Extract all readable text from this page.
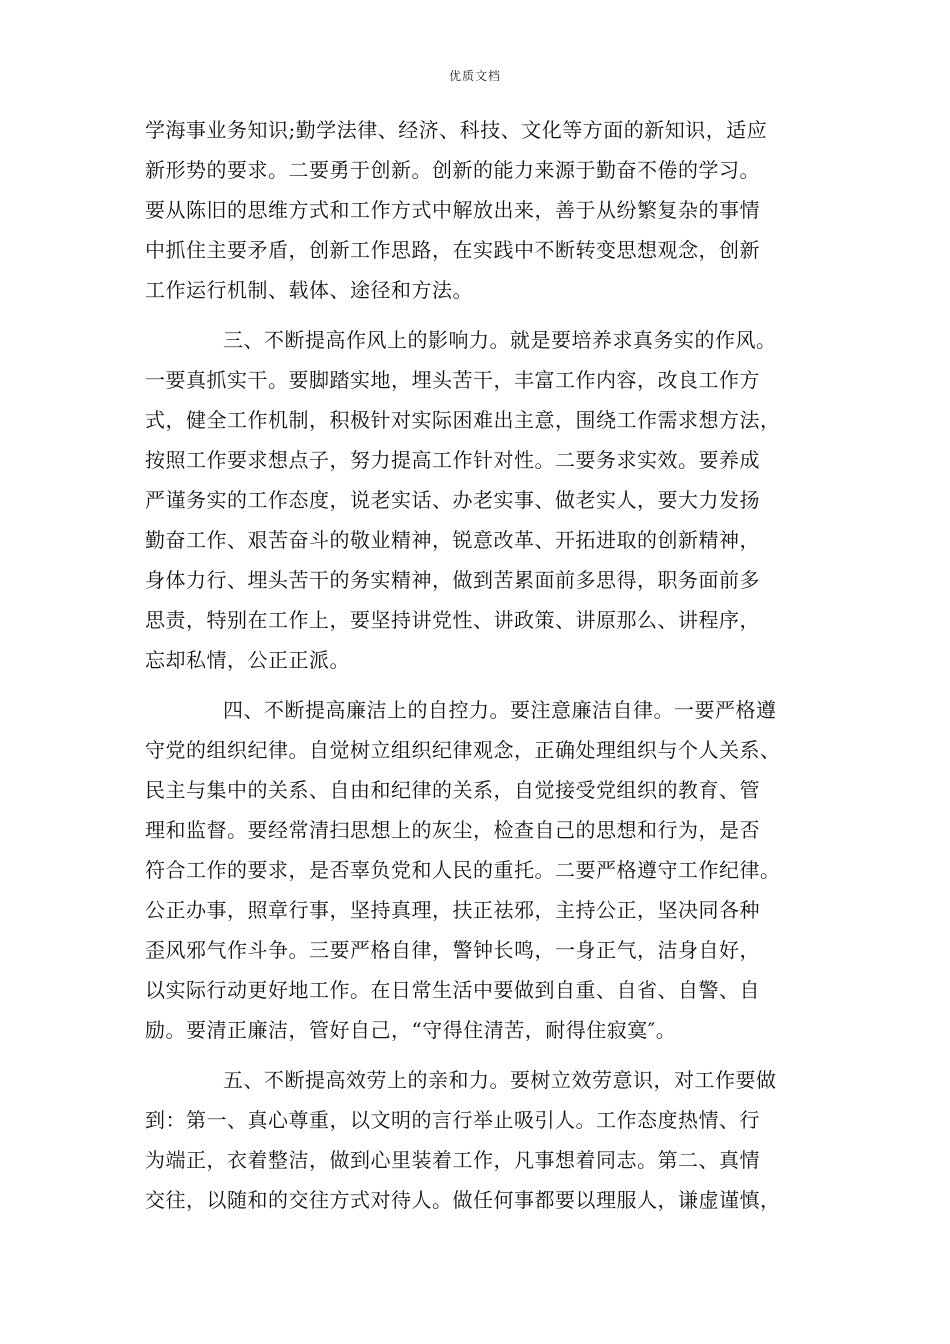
优质文档
学海事业务知识;勤学法律、经济、科技、文化等方面的新知识，适应
新形势的要求。二要勇于创新。创新的能力来源于勤奋不倦的学习。
要从陈旧的思维方式和工作方式中解放出来，善于从纷繁复杂的事情
中抓住主要矛盾，创新工作思路，在实践中不断转变思想观念，创新
工作运行机制、载体、途径和方法。
三、不断提高作风上的影响力。就是要培养求真务实的作风。
一要真抓实干。要脚踏实地，埋头苦干，丰富工作内容，改良工作方
式，健全工作机制，积极针对实际困难出主意，围绕工作需求想方法，
按照工作要求想点子，努力提高工作针对性。二要务求实效。要养成
严谨务实的工作态度，说老实话、办老实事、做老实人，要大力发扬
勤奋工作、艰苦奋斗的敬业精神，锐意改革、开拓进取的创新精神，
身体力行、埋头苦干的务实精神，做到苦累面前多思得，职务面前多
思责，特别在工作上，要坚持讲党性、讲政策、讲原那么、讲程序，
忘却私情，公正正派。
四、不断提高廉洁上的自控力。要注意廉洁自律。一要严格遵
守党的组织纪律。自觉树立组织纪律观念，正确处理组织与个人关系、
民主与集中的关系、自由和纪律的关系，自觉接受党组织的教育、管
理和监督。要经常清扫思想上的灰尘，检查自己的思想和行为，是否
符合工作的要求，是否辜负党和人民的重托。二要严格遵守工作纪律。
公正办事，照章行事，坚持真理，扶正祛邪，主持公正，坚决同各种
歪风邪气作斗争。三要严格自律，警钟长鸣，一身正气，洁身自好，
以实际行动更好地工作。在日常生活中要做到自重、自省、自警、自
励。要清正廉洁，管好自己，“守得住清苦，耐得住寂寞″。
五、不断提高效劳上的亲和力。要树立效劳意识，对工作要做
到：第一、真心尊重，以文明的言行举止吸引人。工作态度热情、行
为端正，衣着整洁，做到心里装着工作，凡事想着同志。第二、真情
交往，以随和的交往方式对待人。做任何事都要以理服人，谦虚谨慎，
